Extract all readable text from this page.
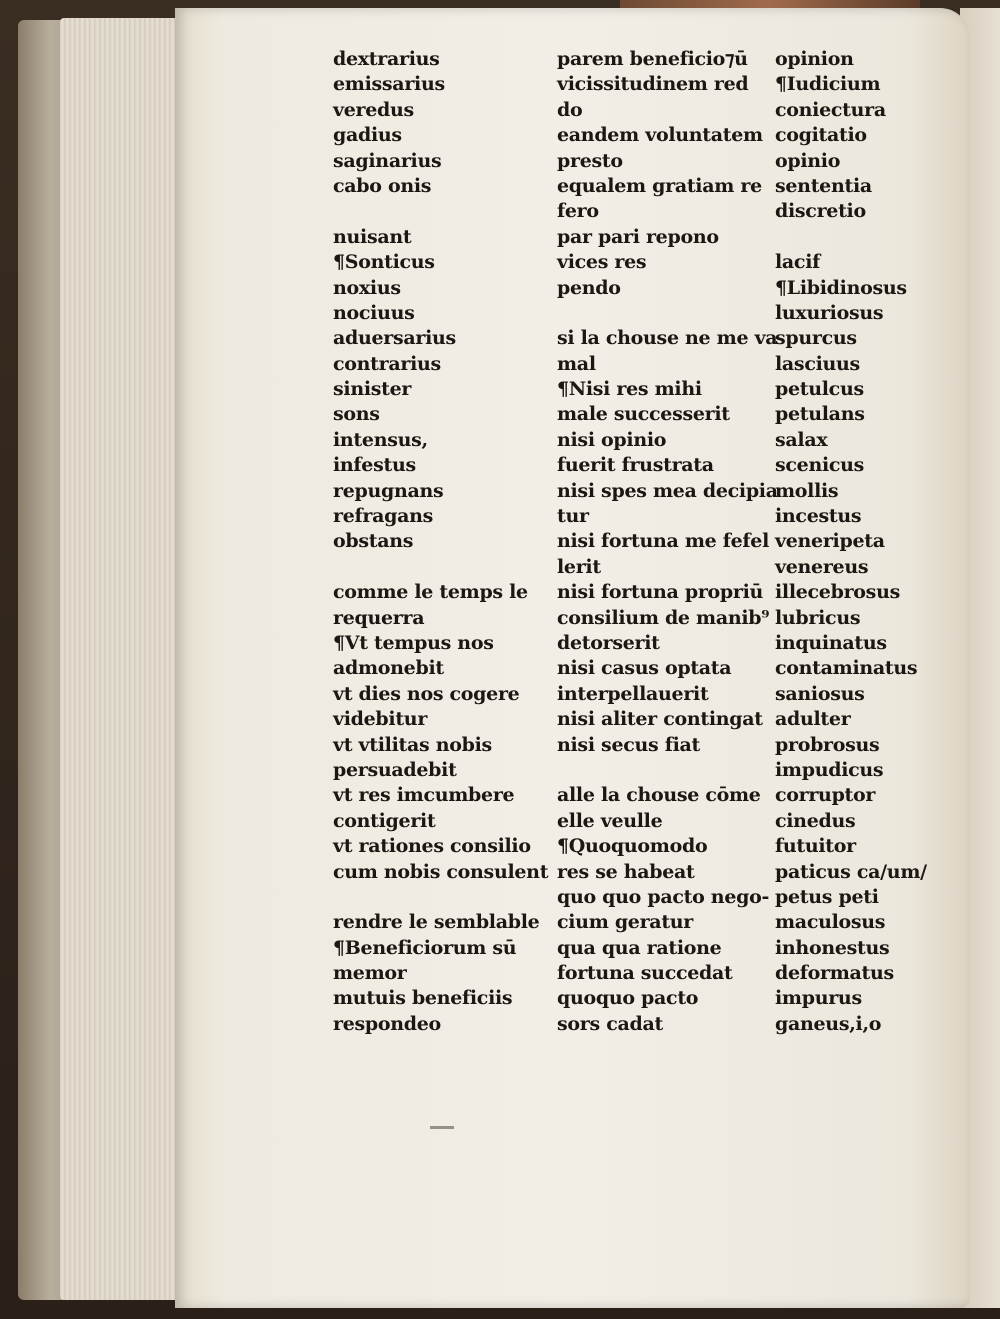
dextrarius
emissarius
veredus
gadius
saginarius
cabo onis
nuisant
¶Sonticus
noxius
nociuus
aduersarius
contrarius
sinister
sons
intensus,
infestus
repugnans
refragans
obstans
comme le temps le
requerra
¶Vt tempus nos
admonebit
vt dies nos cogere
videbitur
vt vtilitas nobis
persuadebit
vt res imcumbere
contigerit
vt rationes consilio
cum nobis consulent
rendre le semblable
¶Beneficiorum sū
memor
mutuis beneficiis
respondeo
parem beneficio⁊ū
vicissitudinem red
do
eandem voluntatem
presto
equalem gratiam re
fero
par pari repono
vices res
pendo
si la chouse ne me va
mal
¶Nisi res mihi
male successerit
nisi opinio
fuerit frustrata
nisi spes mea decipia
tur
nisi fortuna me fefel
lerit
nisi fortuna propriū
consilium de manib⁹
detorserit
nisi casus optata
interpellauerit
nisi aliter contingat
nisi secus fiat
alle la chouse cōme
elle veulle
¶Quoquomodo
res se habeat
quo quo pacto nego-
cium geratur
qua qua ratione
fortuna succedat
quoquo pacto
sors cadat
opinion
¶Iudicium
coniectura
cogitatio
opinio
sententia
discretio
lacif
¶Libidinosus
luxuriosus
spurcus
lasciuus
petulcus
petulans
salax
scenicus
mollis
incestus
veneripeta
venereus
illecebrosus
lubricus
inquinatus
contaminatus
saniosus
adulter
probrosus
impudicus
corruptor
cinedus
futuitor
paticus ca/um/
petus peti
maculosus
inhonestus
deformatus
impurus
ganeus,i,o
